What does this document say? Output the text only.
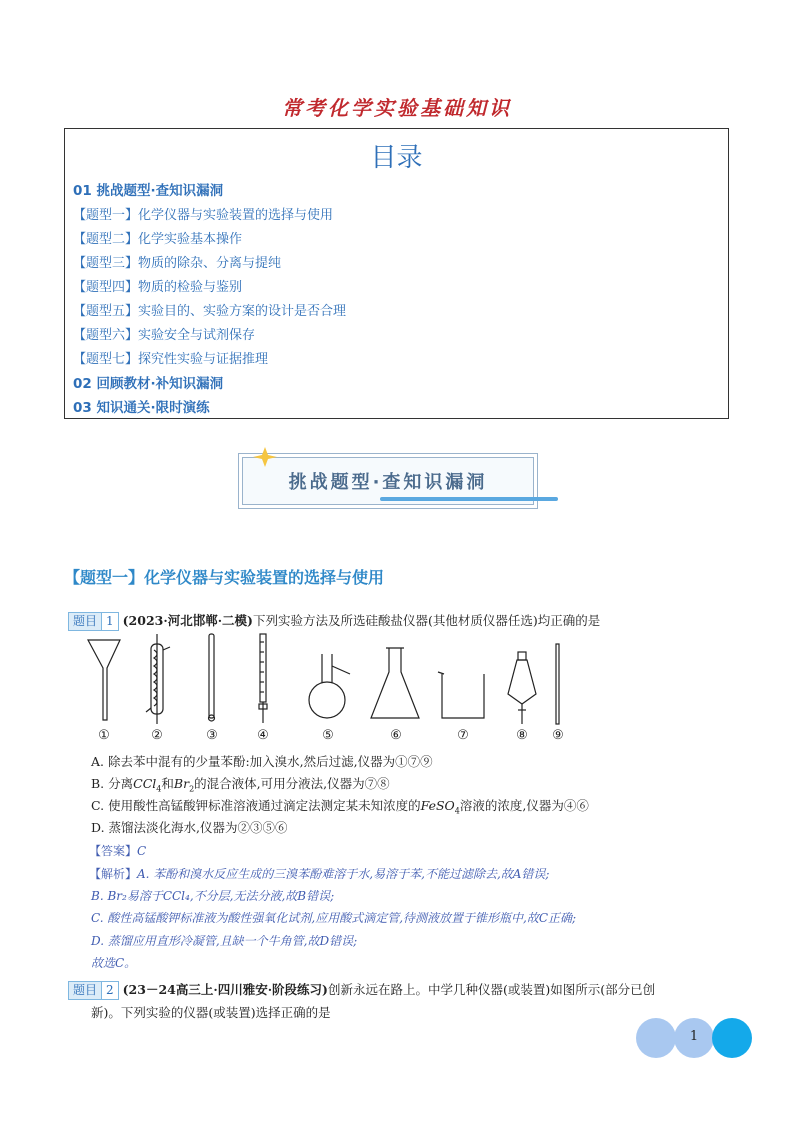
常考化学实验基础知识
目录
01 挑战题型·查知识漏洞
【题型一】化学仪器与实验装置的选择与使用
【题型二】化学实验基本操作
【题型三】物质的除杂、分离与提纯
【题型四】物质的检验与鉴别
【题型五】实验目的、实验方案的设计是否合理
【题型六】实验安全与试剂保存
【题型七】探究性实验与证据推理
02 回顾教材·补知识漏洞
03 知识通关·限时演练
挑战题型·查知识漏洞
【题型一】化学仪器与实验装置的选择与使用
题目 1 (2023·河北邯郸·二模)下列实验方法及所选硅酸盐仪器(其他材质仪器任选)均正确的是
①	②	③	④	⑤	⑥	⑦	⑧	⑨
A. 除去苯中混有的少量苯酚:加入溴水,然后过滤,仪器为①⑦⑨
B. 分离CCl$_4$和$Br_2$的混合液体,可用分液法,仪器为⑦⑧
C. 使用酸性高锰酸钾标准溶液通过滴定法测定某未知浓度的FeSO$_4$溶液的浓度,仪器为④⑥
D. 蒸馏法淡化海水,仪器为②③⑤⑥
【答案】C
【解析】A. 苯酚和溴水反应生成的三溴苯酚难溶于水,易溶于苯,不能过滤除去,故A错误;
B. Br₂易溶于CCl₄,不分层,无法分液,故B错误;
C. 酸性高锰酸钾标准液为酸性强氧化试剂,应用酸式滴定管,待测液放置于锥形瓶中,故C正确;
D. 蒸馏应用直形冷凝管,且缺一个牛角管,故D错误;
故选C。
题目 2 (23－24高三上·四川雅安·阶段练习)创新永远在路上。中学几种仪器(或装置)如图所示(部分已创
新)。下列实验的仪器(或装置)选择正确的是
1
